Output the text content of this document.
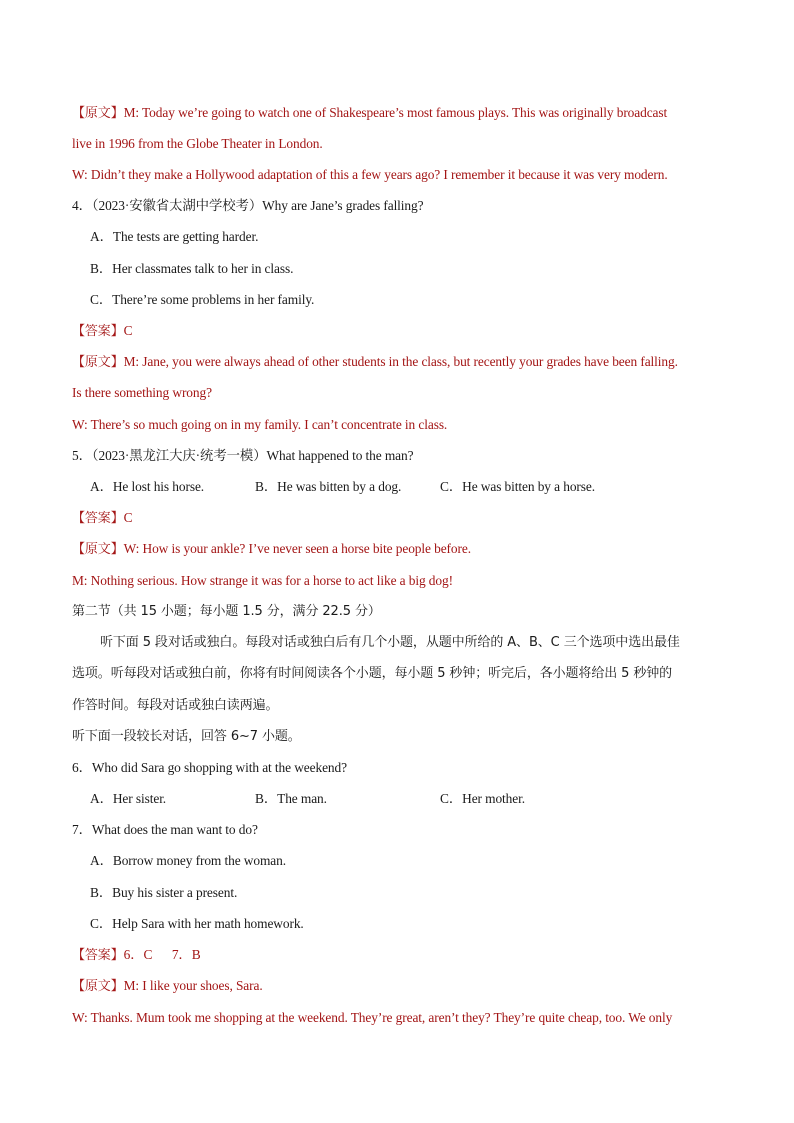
【原文】M: Today we’re going to watch one of Shakespeare’s most famous plays. This was originally broadcast
live in 1996 from the Globe Theater in London.
W: Didn’t they make a Hollywood adaptation of this a few years ago? I remember it because it was very modern.
4．（2023·安徽省太湖中学校考）Why are Jane’s grades falling?
A．The tests are getting harder.
B．Her classmates talk to her in class.
C．There’re some problems in her family.
【答案】C
【原文】M: Jane, you were always ahead of other students in the class, but recently your grades have been falling.
Is there something wrong?
W: There’s so much going on in my family. I can’t concentrate in class.
5．（2023·黑龙江大庆·统考一模）What happened to the man?
A．He lost his horse.	B．He was bitten by a dog.	C．He was bitten by a horse.
【答案】C
【原文】W: How is your ankle? I’ve never seen a horse bite people before.
M: Nothing serious. How strange it was for a horse to act like a big dog!
第二节（共 15 小题；每小题 1.5 分，满分 22.5 分）
听下面 5 段对话或独白。每段对话或独白后有几个小题，从题中所给的 A、B、C 三个选项中选出最佳
选项。听每段对话或独白前，你将有时间阅读各个小题，每小题 5 秒钟；听完后，各小题将给出 5 秒钟的
作答时间。每段对话或独白读两遍。
听下面一段较长对话，回答 6~7 小题。
6．Who did Sara go shopping with at the weekend?
A．Her sister.	B．The man.	C．Her mother.
7．What does the man want to do?
A．Borrow money from the woman.
B．Buy his sister a present.
C．Help Sara with her math homework.
【答案】6．C      7．B
【原文】M: I like your shoes, Sara.
W: Thanks. Mum took me shopping at the weekend. They’re great, aren’t they? They’re quite cheap, too. We only
